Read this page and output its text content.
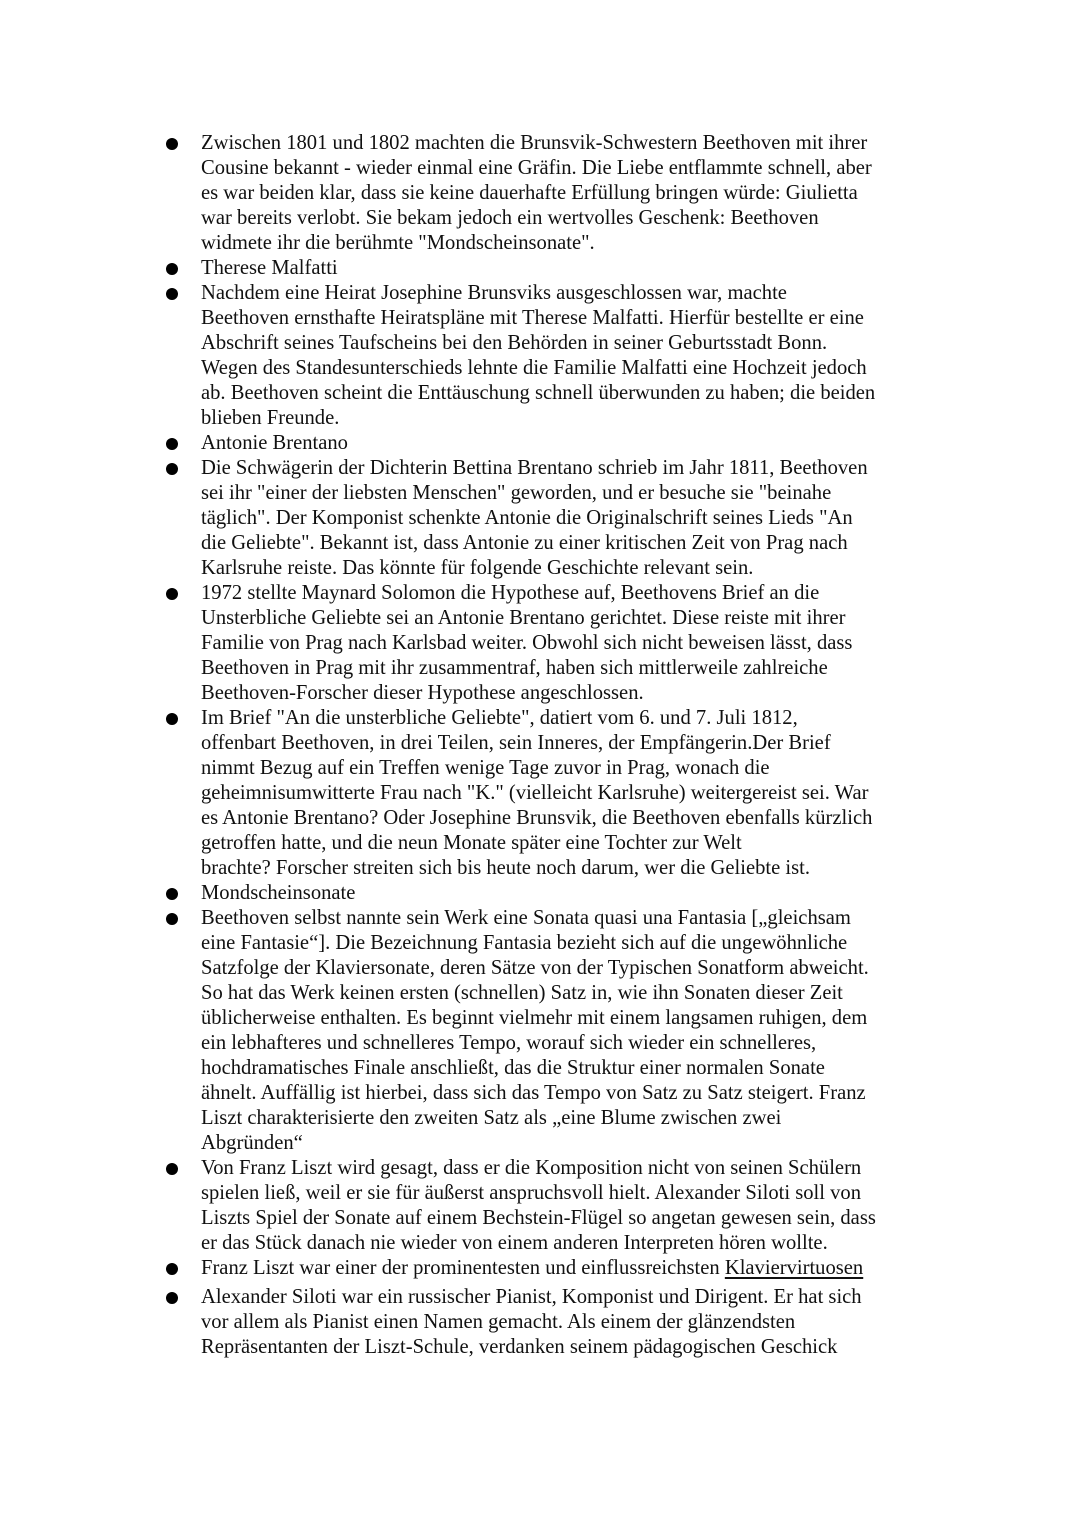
Zwischen 1801 und 1802 machten die Brunsvik-Schwestern Beethoven mit ihrer
Cousine bekannt - wieder einmal eine Gräfin. Die Liebe entflammte schnell, aber
es war beiden klar, dass sie keine dauerhafte Erfüllung bringen würde: Giulietta
war bereits verlobt. Sie bekam jedoch ein wertvolles Geschenk: Beethoven
widmete ihr die berühmte "Mondscheinsonate".
Therese Malfatti
Nachdem eine Heirat Josephine Brunsviks ausgeschlossen war, machte
Beethoven ernsthafte Heiratspläne mit Therese Malfatti. Hierfür bestellte er eine
Abschrift seines Taufscheins bei den Behörden in seiner Geburtsstadt Bonn.
Wegen des Standesunterschieds lehnte die Familie Malfatti eine Hochzeit jedoch
ab. Beethoven scheint die Enttäuschung schnell überwunden zu haben; die beiden
blieben Freunde.
Antonie Brentano
Die Schwägerin der Dichterin Bettina Brentano schrieb im Jahr 1811, Beethoven
sei ihr "einer der liebsten Menschen" geworden, und er besuche sie "beinahe
täglich". Der Komponist schenkte Antonie die Originalschrift seines Lieds "An
die Geliebte". Bekannt ist, dass Antonie zu einer kritischen Zeit von Prag nach
Karlsruhe reiste. Das könnte für folgende Geschichte relevant sein.
1972 stellte Maynard Solomon die Hypothese auf, Beethovens Brief an die
Unsterbliche Geliebte sei an Antonie Brentano gerichtet. Diese reiste mit ihrer
Familie von Prag nach Karlsbad weiter. Obwohl sich nicht beweisen lässt, dass
Beethoven in Prag mit ihr zusammentraf, haben sich mittlerweile zahlreiche
Beethoven-Forscher dieser Hypothese angeschlossen.
Im Brief "An die unsterbliche Geliebte", datiert vom 6. und 7. Juli 1812,
offenbart Beethoven, in drei Teilen, sein Inneres, der Empfängerin.Der Brief
nimmt Bezug auf ein Treffen wenige Tage zuvor in Prag, wonach die
geheimnisumwitterte Frau nach "K." (vielleicht Karlsruhe) weitergereist sei. War
es Antonie Brentano? Oder Josephine Brunsvik, die Beethoven ebenfalls kürzlich
getroffen hatte, und die neun Monate später eine Tochter zur Welt
brachte? Forscher streiten sich bis heute noch darum, wer die Geliebte ist.
Mondscheinsonate
Beethoven selbst nannte sein Werk eine Sonata quasi una Fantasia [„gleichsam
eine Fantasie“]. Die Bezeichnung Fantasia bezieht sich auf die ungewöhnliche
Satzfolge der Klaviersonate, deren Sätze von der Typischen Sonatform abweicht.
So hat das Werk keinen ersten (schnellen) Satz in, wie ihn Sonaten dieser Zeit
üblicherweise enthalten. Es beginnt vielmehr mit einem langsamen ruhigen, dem
ein lebhafteres und schnelleres Tempo, worauf sich wieder ein schnelleres,
hochdramatisches Finale anschließt, das die Struktur einer normalen Sonate
ähnelt. Auffällig ist hierbei, dass sich das Tempo von Satz zu Satz steigert. Franz
Liszt charakterisierte den zweiten Satz als „eine Blume zwischen zwei
Abgründen“
Von Franz Liszt wird gesagt, dass er die Komposition nicht von seinen Schülern
spielen ließ, weil er sie für äußerst anspruchsvoll hielt. Alexander Siloti soll von
Liszts Spiel der Sonate auf einem Bechstein-Flügel so angetan gewesen sein, dass
er das Stück danach nie wieder von einem anderen Interpreten hören wollte.
Franz Liszt war einer der prominentesten und einflussreichsten Klaviervirtuosen
Alexander Siloti war ein russischer Pianist, Komponist und Dirigent. Er hat sich
vor allem als Pianist einen Namen gemacht. Als einem der glänzendsten
Repräsentanten der Liszt-Schule, verdanken seinem pädagogischen Geschick
